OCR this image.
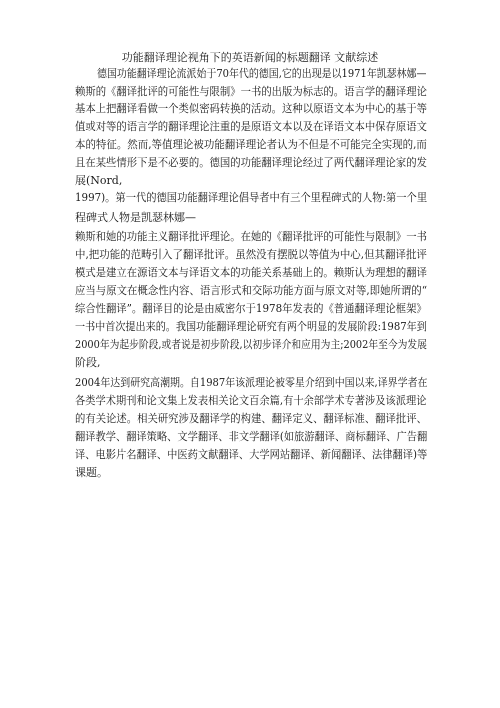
功能翻译理论视角下的英语新闻的标题翻译 文献综述
德国功能翻译理论流派始于70年代的德国,它的出现是以1971年凯瑟林娜—
赖斯的《翻译批评的可能性与限制》一书的出版为标志的。语言学的翻译理论
基本上把翻译看做一个类似密码转换的活动。这种以原语文本为中心的基于等
值或对等的语言学的翻译理论注重的是原语文本以及在译语文本中保存原语文
本的特征。然而,等值理论被功能翻译理论者认为不但是不可能完全实现的,而
且在某些情形下是不必要的。德国的功能翻译理论经过了两代翻译理论家的发
展(Nord,
1997)。第一代的德国功能翻译理论倡导者中有三个里程碑式的人物:第一个里
程碑式人物是凯瑟林娜—
赖斯和她的功能主义翻译批评理论。在她的《翻译批评的可能性与限制》一书
中,把功能的范畴引入了翻译批评。虽然没有摆脱以等值为中心,但其翻译批评
模式是建立在源语文本与译语文本的功能关系基础上的。赖斯认为理想的翻译
应当与原文在概念性内容、语言形式和交际功能方面与原文对等,即她所谓的“
综合性翻译”。翻译目的论是由威密尔于1978年发表的《普通翻译理论框架》
一书中首次提出来的。我国功能翻译理论研究有两个明显的发展阶段:1987年到
2000年为起步阶段,或者说是初步阶段,以初步译介和应用为主;2002年至今为发展
阶段,
2004年达到研究高潮期。自1987年该派理论被零星介绍到中国以来,译界学者在
各类学术期刊和论文集上发表相关论文百余篇,有十余部学术专著涉及该派理论
的有关论述。相关研究涉及翻译学的构建、翻译定义、翻译标准、翻译批评、
翻译教学、翻译策略、文学翻译、非文学翻译(如旅游翻译、商标翻译、广告翻
译、电影片名翻译、中医药文献翻译、大学网站翻译、新闻翻译、法律翻译)等
课题。
